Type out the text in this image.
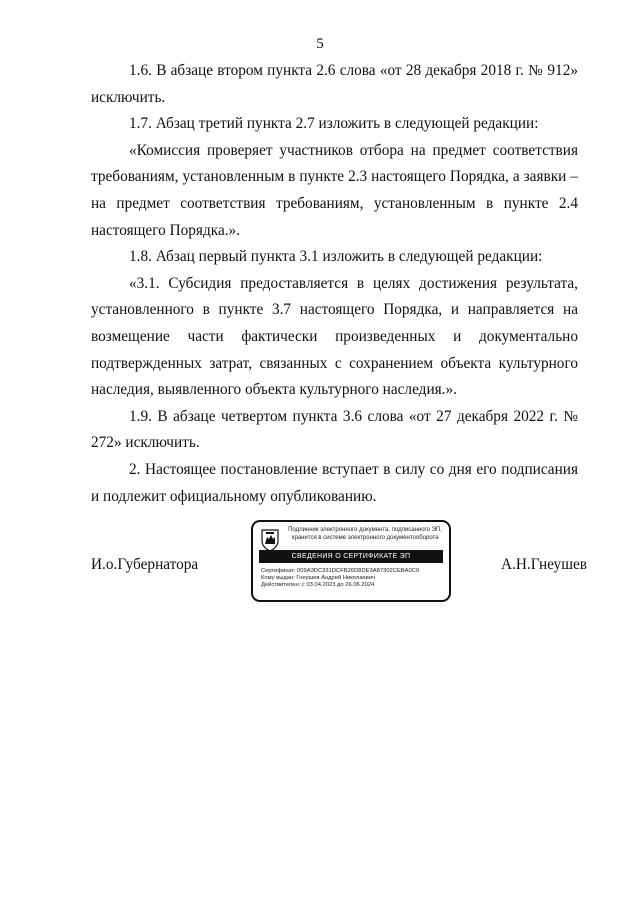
5

1.6. В абзаце втором пункта 2.6 слова «от 28 декабря 2018 г. № 912» исключить.

1.7. Абзац третий пункта 2.7 изложить в следующей редакции:

«Комиссия проверяет участников отбора на предмет соответствия требованиям, установленным в пункте 2.3 настоящего Порядка, а заявки – на предмет соответствия требованиям, установленным в пункте 2.4 настоящего Порядка.».

1.8. Абзац первый пункта 3.1 изложить в следующей редакции:

«3.1. Субсидия предоставляется в целях достижения результата, установленного в пункте 3.7 настоящего Порядка, и направляется на возмещение части фактически произведенных и документально подтвержденных затрат, связанных с сохранением объекта культурного наследия, выявленного объекта культурного наследия.».

1.9. В абзаце четвертом пункта 3.6 слова «от 27 декабря 2022 г. № 272» исключить.

2. Настоящее постановление вступает в силу со дня его подписания и подлежит официальному опубликованию.

И.о.Губернатора
Подлинник электронного документа, подписанного ЭП,
хранится в системе электронного документооборота
СВЕДЕНИЯ О СЕРТИФИКАТЕ ЭП
Сертификат: 009A3DC331DCFB26D8DE3A87302CEBA0C0
Кому выдан: Гнеушев Андрей Николаевич
Действителен: с 03.04.2023 до 26.06.2024
А.Н.Гнеушев
